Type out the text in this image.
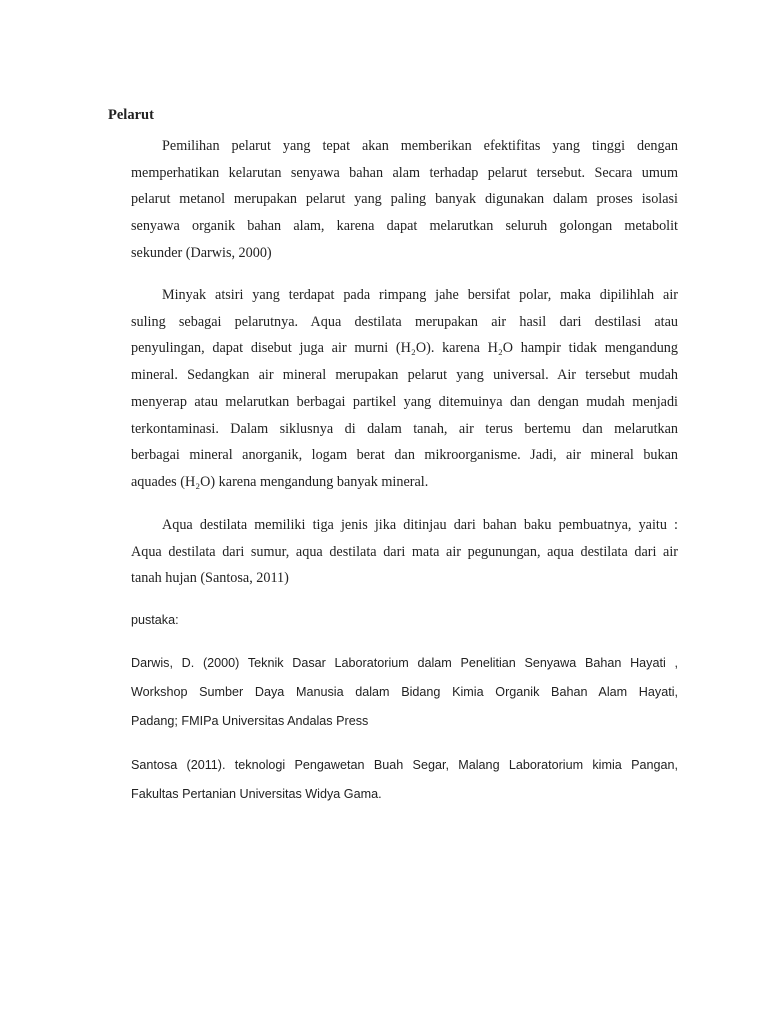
Pelarut
Pemilihan pelarut yang tepat akan memberikan efektifitas yang tinggi dengan
memperhatikan kelarutan senyawa bahan alam terhadap pelarut tersebut. Secara umum
pelarut metanol merupakan pelarut yang paling banyak digunakan dalam proses isolasi
senyawa organik bahan alam, karena dapat melarutkan seluruh golongan metabolit
sekunder (Darwis, 2000)
Minyak atsiri yang terdapat pada rimpang jahe bersifat polar, maka dipilihlah air
suling sebagai pelarutnya. Aqua destilata merupakan air hasil dari destilasi atau
penyulingan, dapat disebut juga air murni (H₂O). karena H₂O hampir tidak mengandung
mineral. Sedangkan air mineral merupakan pelarut yang universal. Air tersebut mudah
menyerap atau melarutkan berbagai partikel yang ditemuinya dan dengan mudah menjadi
terkontaminasi. Dalam siklusnya di dalam tanah, air terus bertemu dan melarutkan
berbagai mineral anorganik, logam berat dan mikroorganisme. Jadi, air mineral bukan
aquades (H₂O) karena mengandung banyak mineral.
Aqua destilata memiliki tiga jenis jika ditinjau dari bahan baku pembuatnya, yaitu :
Aqua destilata dari sumur, aqua destilata dari mata air pegunungan, aqua destilata dari air
tanah hujan (Santosa, 2011)
pustaka:
Darwis, D. (2000) Teknik Dasar Laboratorium dalam Penelitian Senyawa Bahan Hayati ,
Workshop Sumber Daya Manusia dalam Bidang Kimia Organik Bahan Alam Hayati,
Padang; FMIPa Universitas Andalas Press
Santosa (2011). teknologi Pengawetan Buah Segar, Malang Laboratorium kimia Pangan,
Fakultas Pertanian Universitas Widya Gama.
